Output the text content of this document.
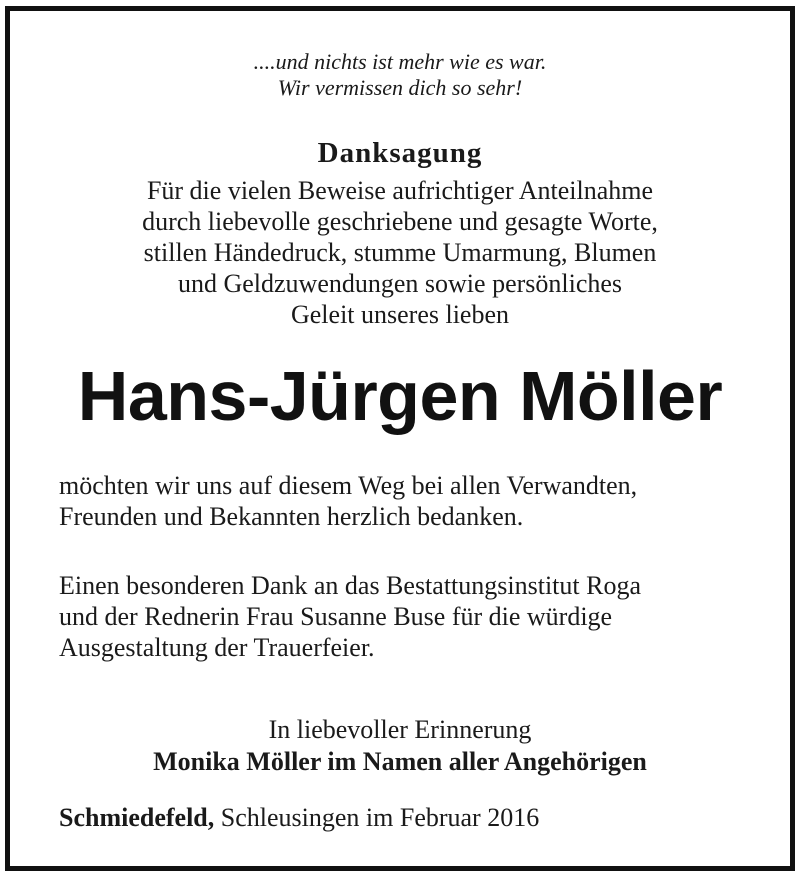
....und nichts ist mehr wie es war.
Wir vermissen dich so sehr!
Danksagung
Für die vielen Beweise aufrichtiger Anteilnahme
durch liebevolle geschriebene und gesagte Worte,
stillen Händedruck, stumme Umarmung, Blumen
und Geldzuwendungen sowie persönliches
Geleit unseres lieben
Hans-Jürgen Möller
möchten wir uns auf diesem Weg bei allen Verwandten,
Freunden und Bekannten herzlich bedanken.
Einen besonderen Dank an das Bestattungsinstitut Roga
und der Rednerin Frau Susanne Buse für die würdige
Ausgestaltung der Trauerfeier.
In liebevoller Erinnerung
Monika Möller im Namen aller Angehörigen
Schmiedefeld, Schleusingen im Februar 2016
